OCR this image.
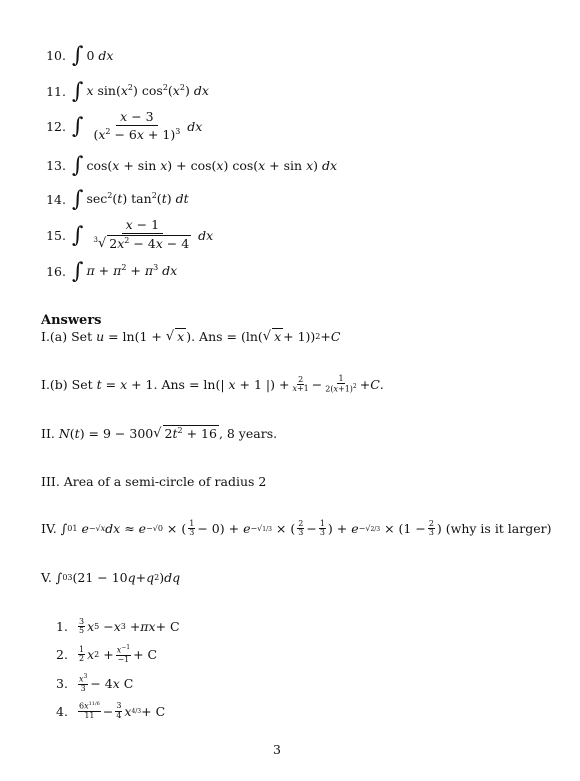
10. ∫ 0 dx
11. ∫ x $\sin(x^2)$ $\cos^2(x^2)$ dx
12. ∫ $\frac{x - 3}{(x^2 - 6x + 1)^3}$ dx
13. ∫ cos(x + sin x) + cos(x) cos(x + sin x) dx
14. ∫ $\sec^2(t)$ $\tan^2(t)$ dt
15. ∫ $\frac{x - 1}{^3√ 2x^2 - 4x - 4}$ dx
16. ∫ $\pi + \pi^2 + \pi^3$ dx
Answers
I.(a)
Set
u = ln(1 + √ x ). Ans = (ln( √ x + 1)) 2 + C
I.(b)
Set
t = x + 1. Ans = ln(| x + 1 |) + 2
x+1 − 1
$2(x+1)^2 + C$ .
II.
N ( t ) = 9 − 300 √ $2t^2 + 16$ , 8 years.
III.
Area of a semi-circle of radius 2
IV. ∫ 0 1
e −√x dx ≈ e −√0 × ( 1
3 − 0) + e −√1/3 × ( 2
3 − 1
3 ) + e −√2/3 × (1 − 2
3 ) (why is it larger)
V. ∫ 0 3 (21 − 10 q + q 2 ) dq
1.
	3
5 x 5 − x 3 + πx + C
2.
	1
2 x $2 + x^{-1}$
−1 + C
3.
	$x^3$
3 − 4 x C
4.
	$6x^{11/6}$
11 − 3
4 x 4/3 + C
3
